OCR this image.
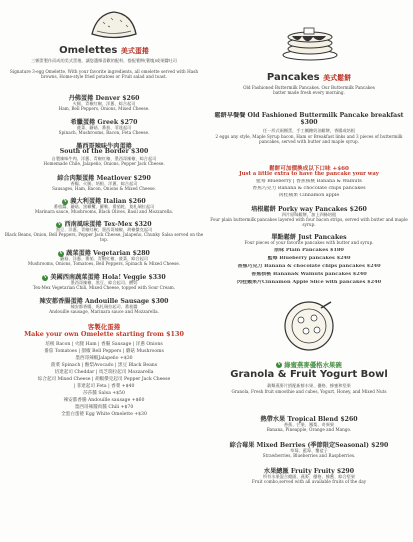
Omelettes 美式蛋捲
三顆蛋製作而成的美式蛋捲，讓您選擇喜歡的配料，搭配薯餅(薯塊)或果醬吐司
Signature 3-egg Omelette, With your favorite ingredients, all omelette served with Hash browns, Home-style fried potatoes or Fruit salad and toast.
丹佛蛋捲 Denver $260
火腿、青椒紅椒、洋蔥、綜合起司
Ham, Bell Peppers, Onions, Mixed Cheese.
希臘蛋捲 Greek $270
菠菜、蘑菇、番茄、菲達起司
Spinach, Mushrooms, Bacon, Feta Cheese.
墨西哥辣味牛肉蛋捲
South of the Border $300
自製辣味牛肉、洋蔥、青椒紅椒、墨西哥辣椒、綜合起司
Homemade Chile, Jalapeño, Onions, Pepper Jack Cheese.
綜合肉類蛋捲 Meatlover $290
香腸、火腿、培根、洋蔥、綜合起司
Sausages, Ham, Bacon, Onions & Mixed Cheese.
V 義大利蛋捲 Italian $260
番茄醬、蘑菇、黑橄欖、羅勒、番茄乾、莫札瑞拉起司
Marinara sauce, Mushrooms, Black Olives, Basil and Mozzarella.
V 西南風味蛋捲 Tex-Mex $320
黑豆、洋蔥、青椒紅椒、墨西哥辣椒、胡椒傑克起司
Black Beans, Onion, Bell Peppers, Pepper Jack Cheese, Jalapeño, Chunky Salsa served on the top.
V 蔬菜蛋捲 Vegetarian $280
蘑菇、洋蔥、番茄、青椒紅椒、菠菜、綜合起司
Mushrooms, Onions, Tomatoes, Bell Peppers, Spinach & Mixed Cheese.
V 美國西南蔬菜蛋捲 Hola! Veggie $330
墨西哥辣椒、黑豆、綜合起司、酸奶
Tex-Mex Vegetarian Chili, Mixed Cheese, topped with Sour Cream.
辣安都香腸蛋捲 Andouille Sausage $300
辣安都香腸、馬札瑞拉起司、番茄醬
Andouille sausage, Marinara sauce and Mozzarella.
客製化蛋捲
Make your own Omelette starting from $130
培根 Bacon | 火腿 Ham | 香腸 Sausage | 洋蔥 Onions
番茄 Tomatoes | 甜椒 Bell Peppers | 蘑菇 Mushrooms
墨西哥辣椒Jalapeño +$30
菠菜 Spinach | 酪梨Avocado | 黑豆 Black Beans
切達起司 Cheddar | 馬芝瑞拉起司 Mozzarella
綜合起司 Mixed Cheese | 胡椒傑克起司 Pepper Jack Cheese
| 菲達起司 Feta | 香菜 +$40
莎莎醬 Salsa +$50
辣安都香腸 Andouille sausage +$60
墨西哥辣醬肉醬 Chili +$70
全蛋白蛋捲 Egg White Omelette +$30
Pancakes 美式鬆餅
Old Fashioned Buttermilk Pancakes. Our Buttermilk Pancakes batter made fresh every morning.
鬆餅早餐餐 Old Fashioned Buttermilk Pancake breakfast $300
任一形式兩顆蛋，手工楓糖奶油鬆餅，香腸或培根
2 eggs any style, Maple Syrup bacon, Ham or Breakfast links and 3 pieces of buttermilk pancakes, served with butter and maple syrup.
鬆餅可加價換成以下口味 +$60
Just a little extra to have the pancake your way
藍莓 Blueberry | 香蕉核桃 Banana & Walnuts
香蕉巧克力 Banana & chocolate chips pancakes
肉桂蘋果 Cinnamon apple
培根鬆餅 Porky way Pancakes $260
四片原味鬆餅，加上四條培根
Four plain buttermilk pancakes layered with four bacon strips, served with butter and maple syrup.
單點鬆餅 Just Pancakes
Four pieces of your favorite pancakes with butter and syrup.
原味 Plain Pancakes $180
藍莓 Blueberry pancakes $240
香蕉巧克力 Banana & chocolate chips pancakes $240
香蕉核桃 Banana& Walnuts pancakes $240
肉桂蘋果片Cinnamon Apple Slice with pancakes $240
V 綠蜜燕麥優格水果碗
Granola & Fruit Yogurt Bowl
穀類燕麥片搭配新鮮水果、優格、蜂蜜和堅果
Granola, Fresh fruit smoothie and cubes, Yogurt, Honey, and Mixed Nuts
熱帶水果 Tropical Blend $260
香蕉、芒果、鳳梨、奇異果
Banana, Pineapple, Orange and Mango.
綜合莓果 Mixed Berries (季節限定Seasonal) $290
草莓、藍莓、覆盆子
Strawberries, Blueberries and Raspberries.
水果總匯 Fruity Fruity $290
所有水果混合總匯，燕麥、優格、蜂蜜、綜合堅果
Fruit combo,served with all available fruits of the day
